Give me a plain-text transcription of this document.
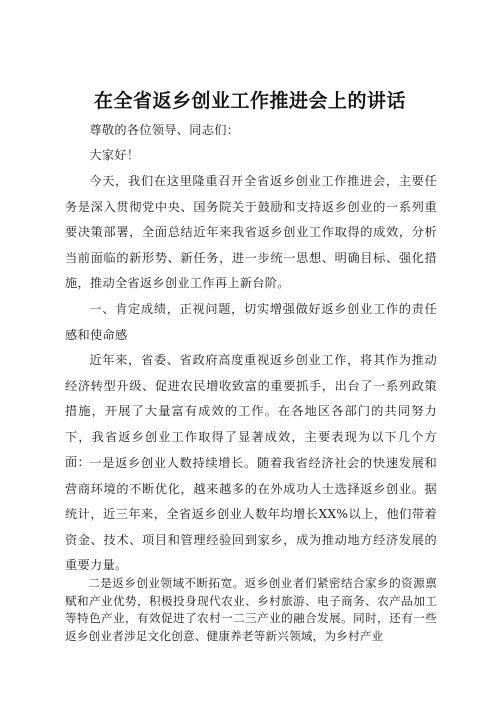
在全省返乡创业工作推进会上的讲话
尊敬的各位领导、同志们：
大家好！
今天，我们在这里隆重召开全省返乡创业工作推进会，主要任务是深入贯彻党中央、国务院关于鼓励和支持返乡创业的一系列重要决策部署，全面总结近年来我省返乡创业工作取得的成效，分析当前面临的新形势、新任务，进一步统一思想、明确目标、强化措施，推动全省返乡创业工作再上新台阶。
一、肯定成绩，正视问题，切实增强做好返乡创业工作的责任感和使命感
近年来，省委、省政府高度重视返乡创业工作，将其作为推动经济转型升级、促进农民增收致富的重要抓手，出台了一系列政策措施，开展了大量富有成效的工作。在各地区各部门的共同努力下，我省返乡创业工作取得了显著成效，主要表现为以下几个方面： 一是返乡创业人数持续增长。随着我省经济社会的快速发展和营商环境的不断优化，越来越多的在外成功人士选择返乡创业。据统计，近三年来，全省返乡创业人数年均增长XX%以上，他们带着资金、技术、项目和管理经验回到家乡，成为推动地方经济发展的重要力量。
二是返乡创业领域不断拓宽。返乡创业者们紧密结合家乡的资源禀赋和产业优势，积极投身现代农业、乡村旅游、电子商务、农产品加工等特色产业，有效促进了农村一二三产业的融合发展。同时，还有一些返乡创业者涉足文化创意、健康养老等新兴领域，为乡村产业
